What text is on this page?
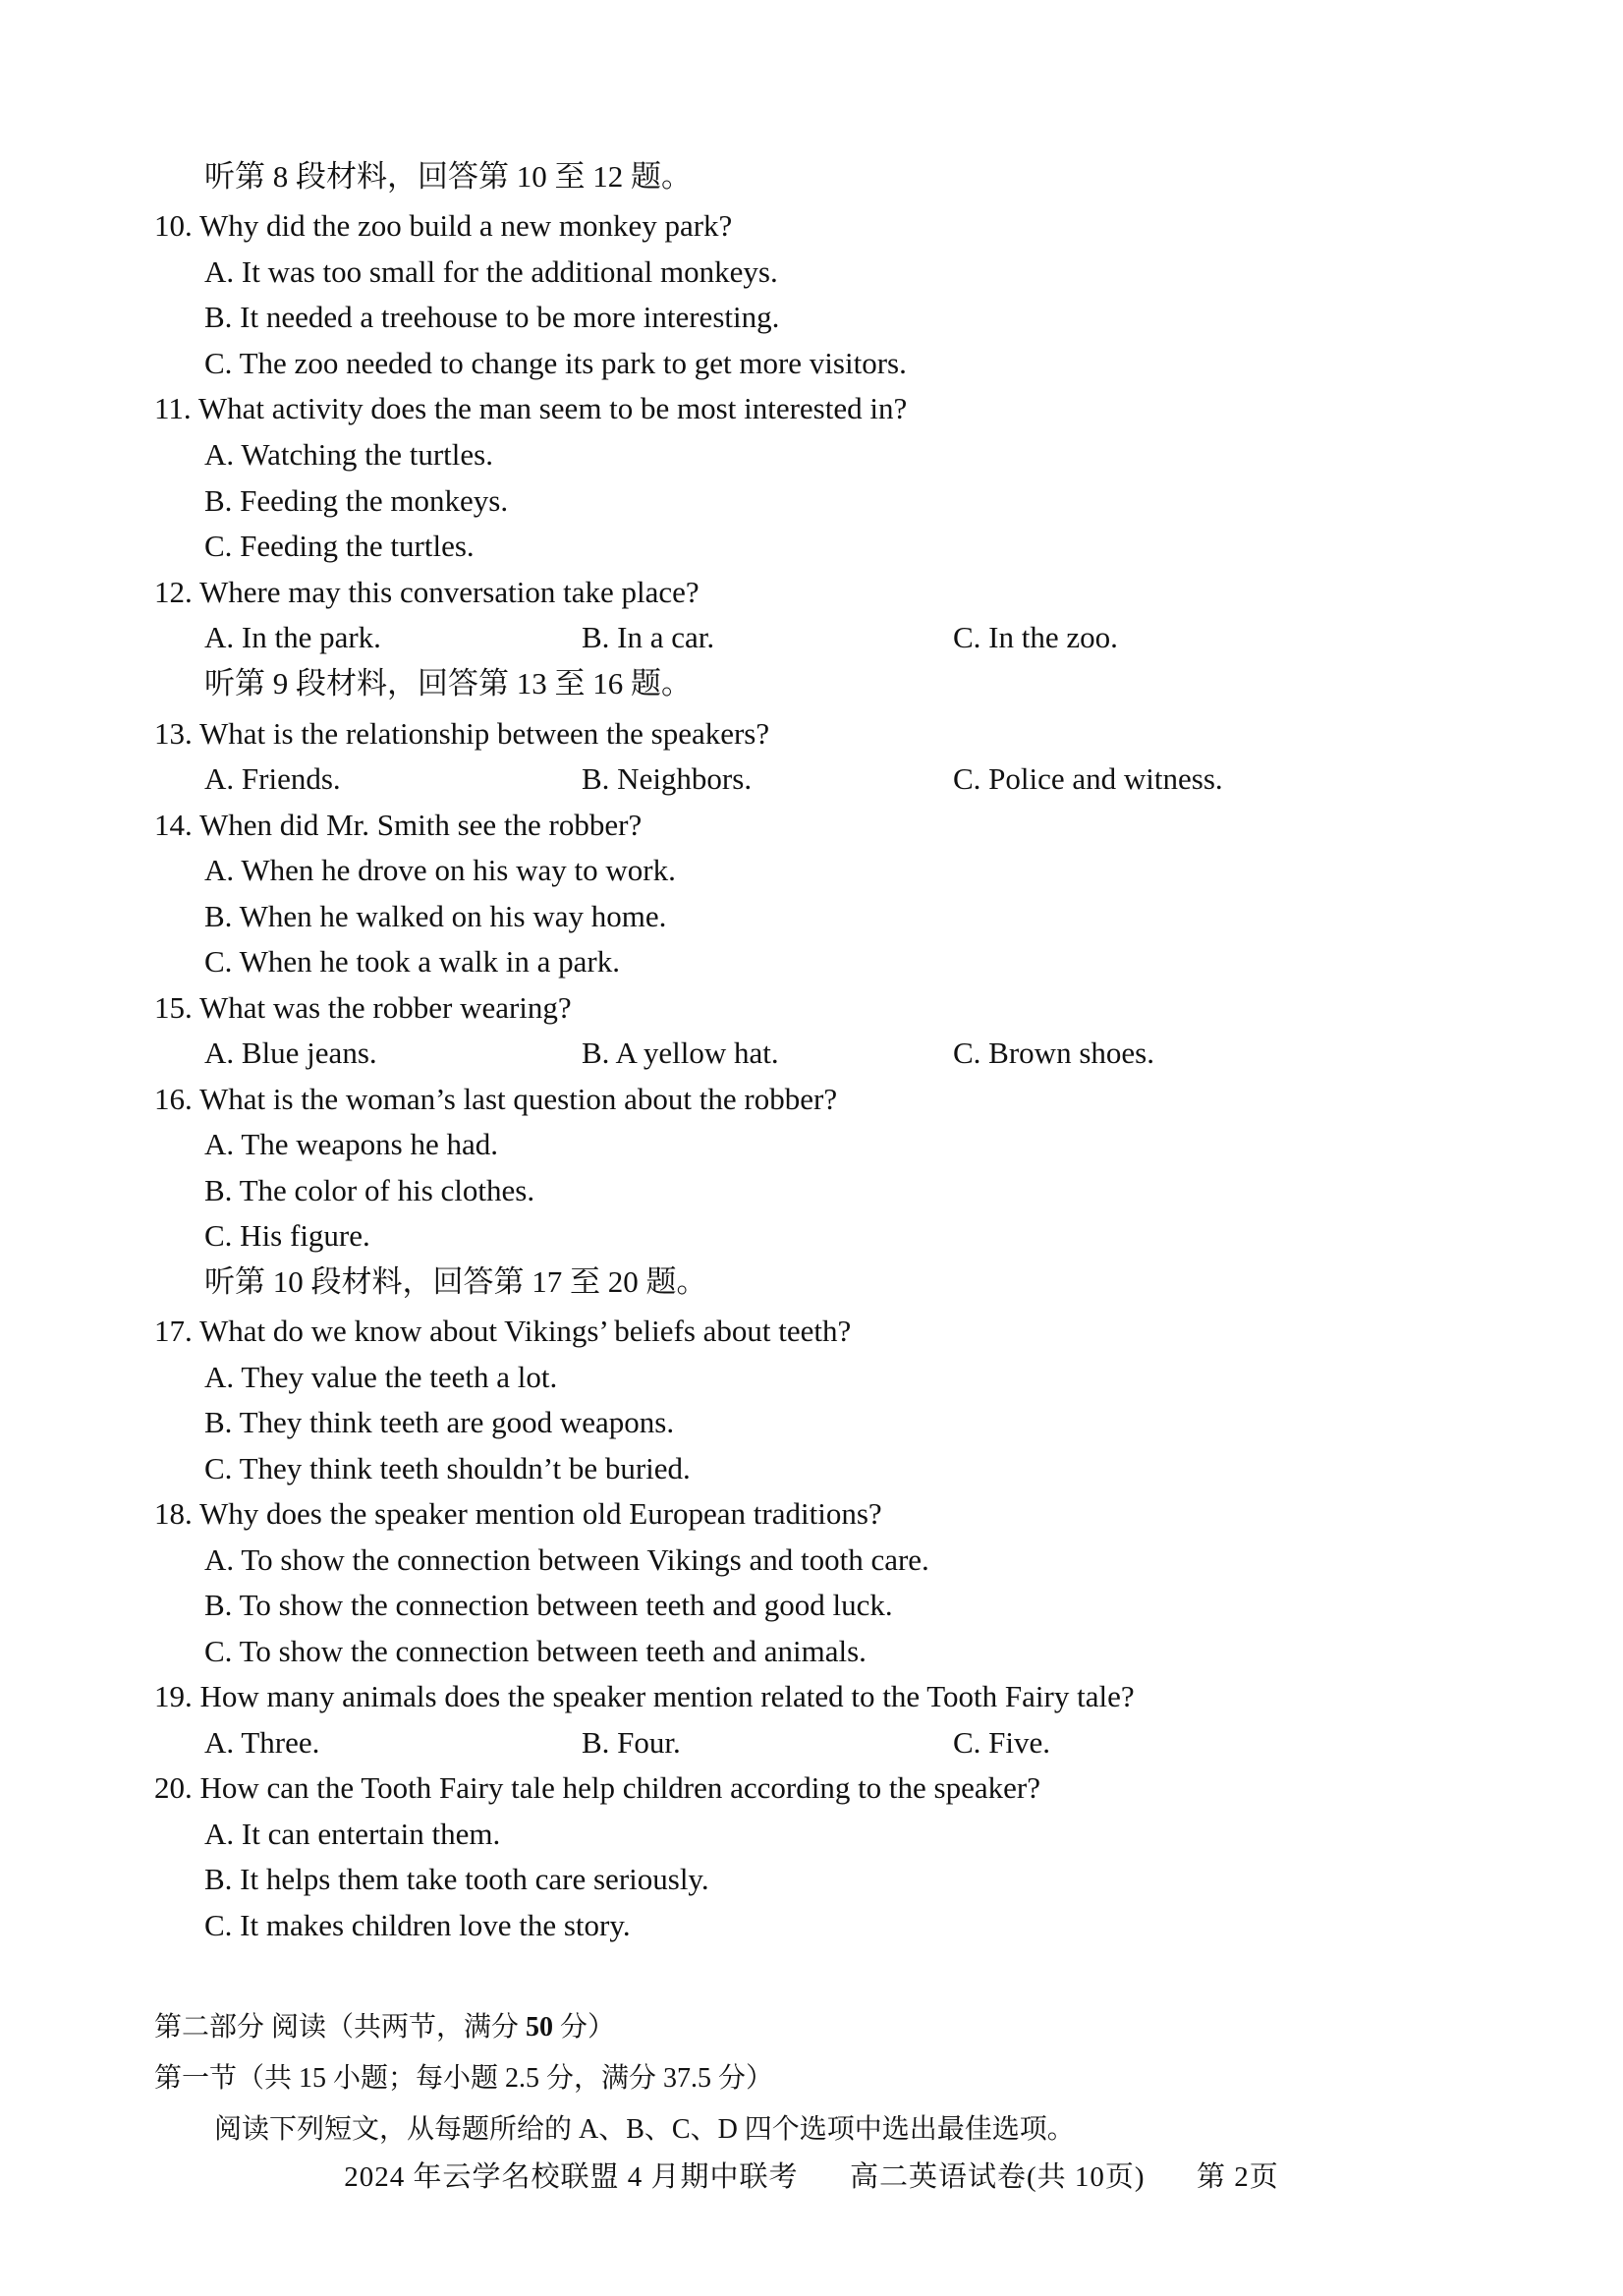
听第 8 段材料，回答第 10 至 12 题。
10. Why did the zoo build a new monkey park?
A. It was too small for the additional monkeys.
B. It needed a treehouse to be more interesting.
C. The zoo needed to change its park to get more visitors.
11. What activity does the man seem to be most interested in?
A. Watching the turtles.
B. Feeding the monkeys.
C. Feeding the turtles.
12. Where may this conversation take place?
A. In the park.	B. In a car.	C. In the zoo.
听第 9 段材料，回答第 13 至 16 题。
13. What is the relationship between the speakers?
A. Friends.	B. Neighbors.	C. Police and witness.
14. When did Mr. Smith see the robber?
A. When he drove on his way to work.
B. When he walked on his way home.
C. When he took a walk in a park.
15. What was the robber wearing?
A. Blue jeans.	B. A yellow hat.	C. Brown shoes.
16. What is the woman’s last question about the robber?
A. The weapons he had.
B. The color of his clothes.
C. His figure.
听第 10 段材料，回答第 17 至 20 题。
17. What do we know about Vikings’ beliefs about teeth?
A. They value the teeth a lot.
B. They think teeth are good weapons.
C. They think teeth shouldn’t be buried.
18. Why does the speaker mention old European traditions?
A. To show the connection between Vikings and tooth care.
B. To show the connection between teeth and good luck.
C. To show the connection between teeth and animals.
19. How many animals does the speaker mention related to the Tooth Fairy tale?
A. Three.	B. Four.	C. Five.
20. How can the Tooth Fairy tale help children according to the speaker?
A. It can entertain them.
B. It helps them take tooth care seriously.
C. It makes children love the story.
第二部分 阅读（共两节，满分 50 分）
第一节（共 15 小题；每小题 2.5 分，满分 37.5 分）
阅读下列短文，从每题所给的 A、B、C、D 四个选项中选出最佳选项。
2024 年云学名校联盟 4 月期中联考 高二英语试卷(共 10页) 第 2页
